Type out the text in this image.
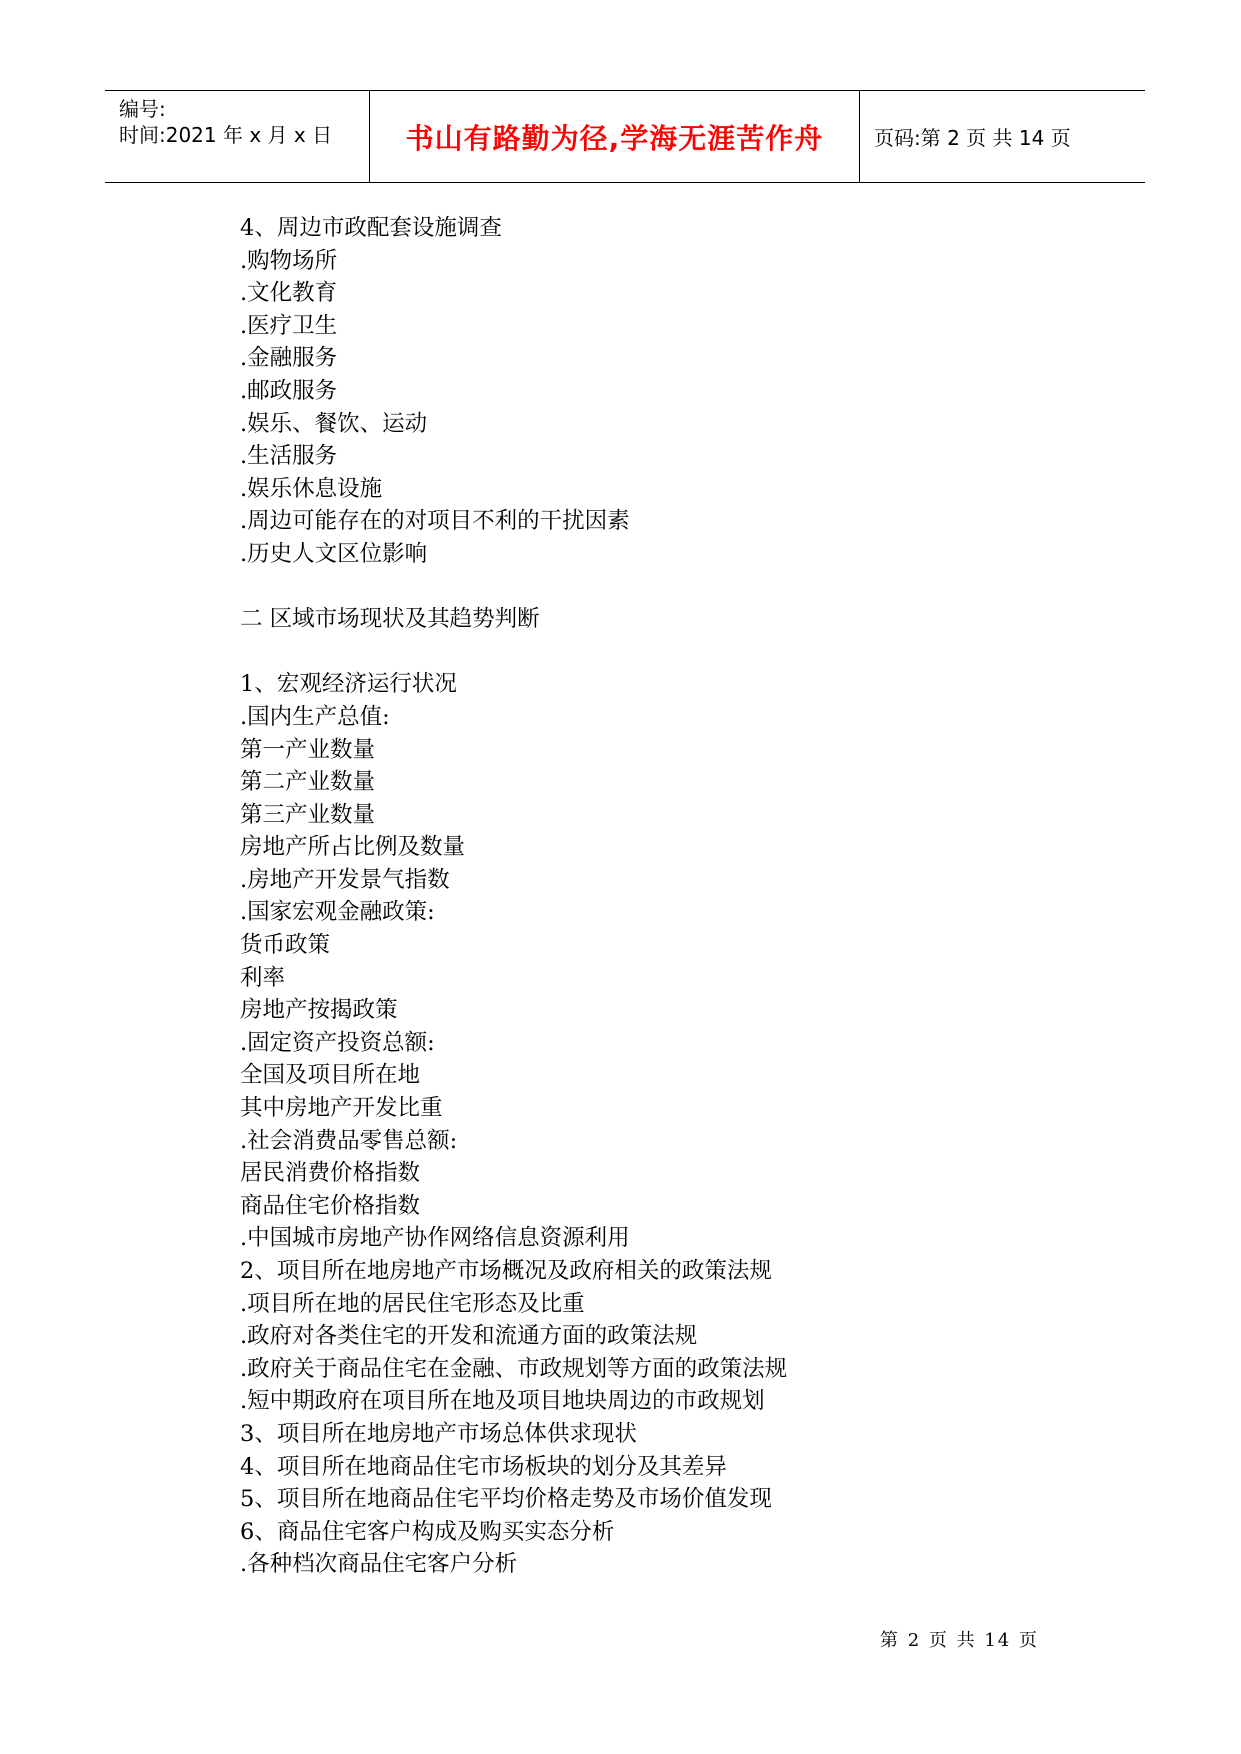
编号:
时间:2021 年 x 月 x 日	书山有路勤为径,学海无涯苦作舟	页码:第 2 页 共 14 页
4、周边市政配套设施调查
.购物场所
.文化教育
.医疗卫生
.金融服务
.邮政服务
.娱乐、餐饮、运动
.生活服务
.娱乐休息设施
.周边可能存在的对项目不利的干扰因素
.历史人文区位影响
二 区域市场现状及其趋势判断
1、宏观经济运行状况
.国内生产总值:
第一产业数量
第二产业数量
第三产业数量
房地产所占比例及数量
.房地产开发景气指数
.国家宏观金融政策:
货币政策
利率
房地产按揭政策
.固定资产投资总额:
全国及项目所在地
其中房地产开发比重
.社会消费品零售总额:
居民消费价格指数
商品住宅价格指数
.中国城市房地产协作网络信息资源利用
2、项目所在地房地产市场概况及政府相关的政策法规
.项目所在地的居民住宅形态及比重
.政府对各类住宅的开发和流通方面的政策法规
.政府关于商品住宅在金融、市政规划等方面的政策法规
.短中期政府在项目所在地及项目地块周边的市政规划
3、项目所在地房地产市场总体供求现状
4、项目所在地商品住宅市场板块的划分及其差异
5、项目所在地商品住宅平均价格走势及市场价值发现
6、商品住宅客户构成及购买实态分析
.各种档次商品住宅客户分析
第 2 页 共 14 页
